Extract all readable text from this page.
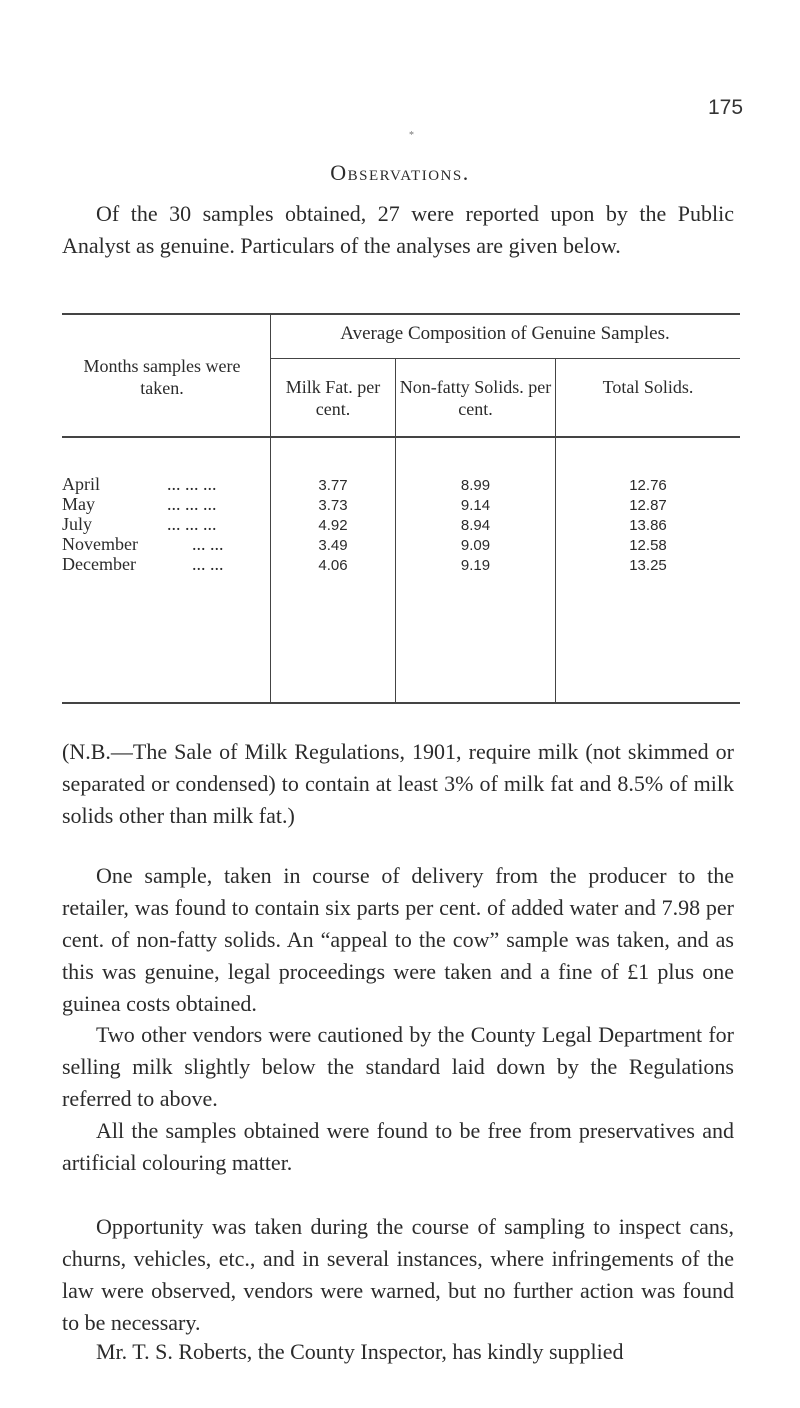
175
*
Observations.

Of the 30 samples obtained, 27 were reported upon by the Public Analyst as genuine. Particulars of the analyses are given below.

Months samples were taken.
Average Composition of Genuine Samples.
Milk Fat. per cent.
Non-fatty Solids. per cent.
Total Solids.
April	... ... ...	3.77	8.99	12.76
May	... ... ...	3.73	9.14	12.87
July	... ... ...	4.92	8.94	13.86
November	... ...	3.49	9.09	12.58
December	... ...	4.06	9.19	13.25

(N.B.—The Sale of Milk Regulations, 1901, require milk (not skimmed or separated or condensed) to contain at least 3% of milk fat and 8.5% of milk solids other than milk fat.)

One sample, taken in course of delivery from the producer to the retailer, was found to contain six parts per cent. of added water and 7.98 per cent. of non-fatty solids. An “appeal to the cow” sample was taken, and as this was genuine, legal proceedings were taken and a fine of £1 plus one guinea costs obtained.

Two other vendors were cautioned by the County Legal Department for selling milk slightly below the standard laid down by the Regulations referred to above.

All the samples obtained were found to be free from preservatives and artificial colouring matter.

Opportunity was taken during the course of sampling to inspect cans, churns, vehicles, etc., and in several instances, where infringements of the law were observed, vendors were warned, but no further action was found to be necessary.

Mr. T. S. Roberts, the County Inspector, has kindly supplied
